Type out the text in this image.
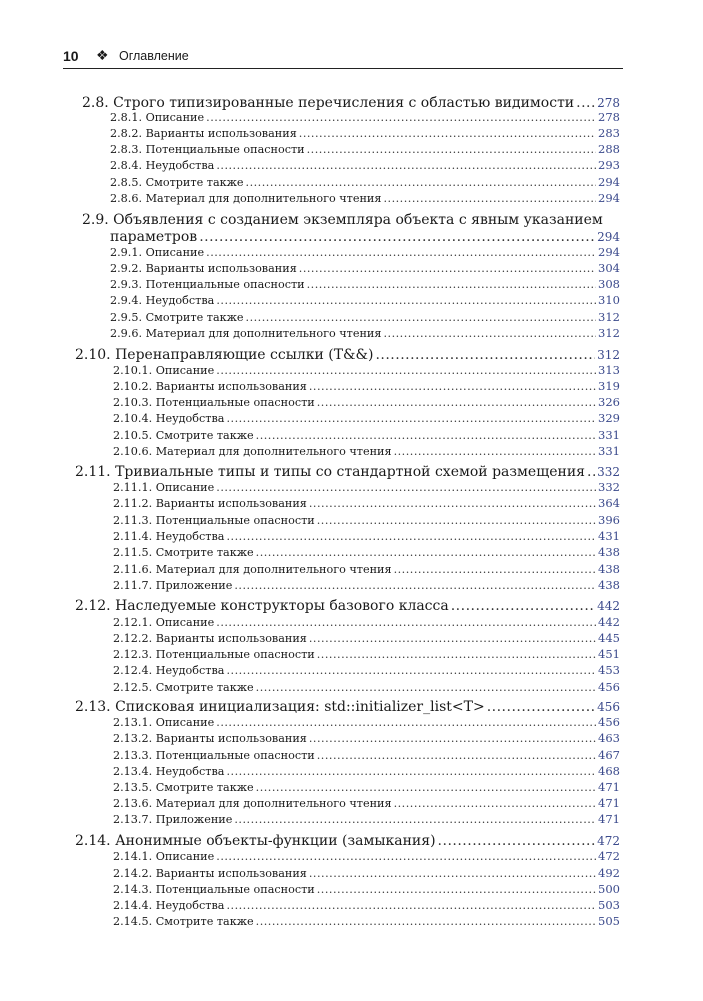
10 ❖ Оглавление
2.8. Строго типизированные перечисления с областью видимости ..... 278
2.8.1. Описание .....	278
2.8.2. Варианты использования .....	283
2.8.3. Потенциальные опасности .....	288
2.8.4. Неудобства .....	293
2.8.5. Смотрите также .....	294
2.8.6. Материал для дополнительного чтения .....	294
2.9. Объявления с созданием экземпляра объекта с явным указанием
параметров .....	294
2.9.1. Описание .....	294
2.9.2. Варианты использования .....	304
2.9.3. Потенциальные опасности .....	308
2.9.4. Неудобства .....	310
2.9.5. Смотрите также .....	312
2.9.6. Материал для дополнительного чтения .....	312
2.10. Перенаправляющие ссылки (T&&) .....	312
2.10.1. Описание .....	313
2.10.2. Варианты использования .....	319
2.10.3. Потенциальные опасности .....	326
2.10.4. Неудобства .....	329
2.10.5. Смотрите также .....	331
2.10.6. Материал для дополнительного чтения .....	331
2.11. Тривиальные типы и типы со стандартной схемой размещения ..... 332
2.11.1. Описание .....	332
2.11.2. Варианты использования .....	364
2.11.3. Потенциальные опасности .....	396
2.11.4. Неудобства .....	431
2.11.5. Смотрите также .....	438
2.11.6. Материал для дополнительного чтения .....	438
2.11.7. Приложение .....	438
2.12. Наследуемые конструкторы базового класса .....	442
2.12.1. Описание .....	442
2.12.2. Варианты использования .....	445
2.12.3. Потенциальные опасности .....	451
2.12.4. Неудобства .....	453
2.12.5. Смотрите также .....	456
2.13. Списковая инициализация: std::initializer_list<T> .....	456
2.13.1. Описание .....	456
2.13.2. Варианты использования .....	463
2.13.3. Потенциальные опасности .....	467
2.13.4. Неудобства .....	468
2.13.5. Смотрите также .....	471
2.13.6. Материал для дополнительного чтения .....	471
2.13.7. Приложение .....	471
2.14. Анонимные объекты-функции (замыкания) .....	472
2.14.1. Описание .....	472
2.14.2. Варианты использования .....	492
2.14.3. Потенциальные опасности .....	500
2.14.4. Неудобства .....	503
2.14.5. Смотрите также .....	505
